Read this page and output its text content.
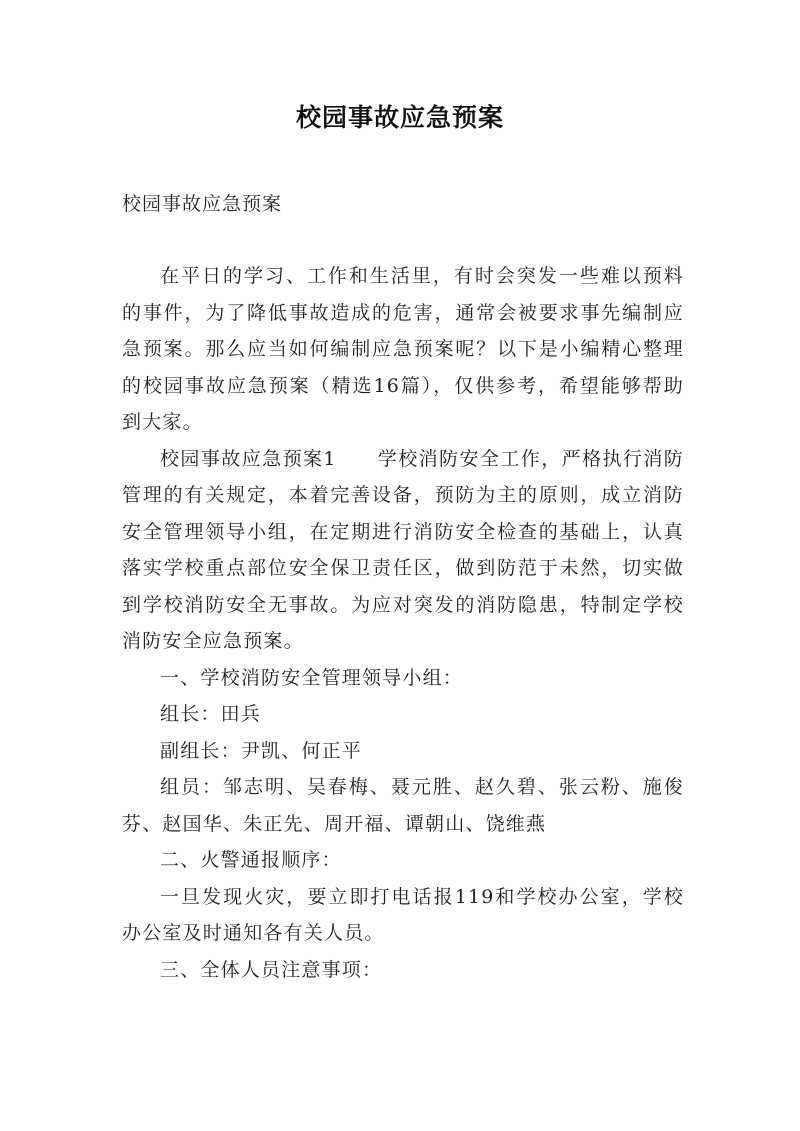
校园事故应急预案
校园事故应急预案

在平日的学习、工作和生活里，有时会突发一些难以预料的事件，为了降低事故造成的危害，通常会被要求事先编制应急预案。那么应当如何编制应急预案呢？以下是小编精心整理的校园事故应急预案（精选16篇），仅供参考，希望能够帮助到大家。

校园事故应急预案1　　学校消防安全工作，严格执行消防管理的有关规定，本着完善设备，预防为主的原则，成立消防安全管理领导小组，在定期进行消防安全检查的基础上，认真落实学校重点部位安全保卫责任区，做到防范于未然，切实做到学校消防安全无事故。为应对突发的消防隐患，特制定学校消防安全应急预案。

一、学校消防安全管理领导小组：

组长：田兵

副组长：尹凯、何正平

组员：邹志明、吴春梅、聂元胜、赵久碧、张云粉、施俊芬、赵国华、朱正先、周开福、谭朝山、饶维燕

二、火警通报顺序：

一旦发现火灾，要立即打电话报119和学校办公室，学校办公室及时通知各有关人员。

三、全体人员注意事项：
